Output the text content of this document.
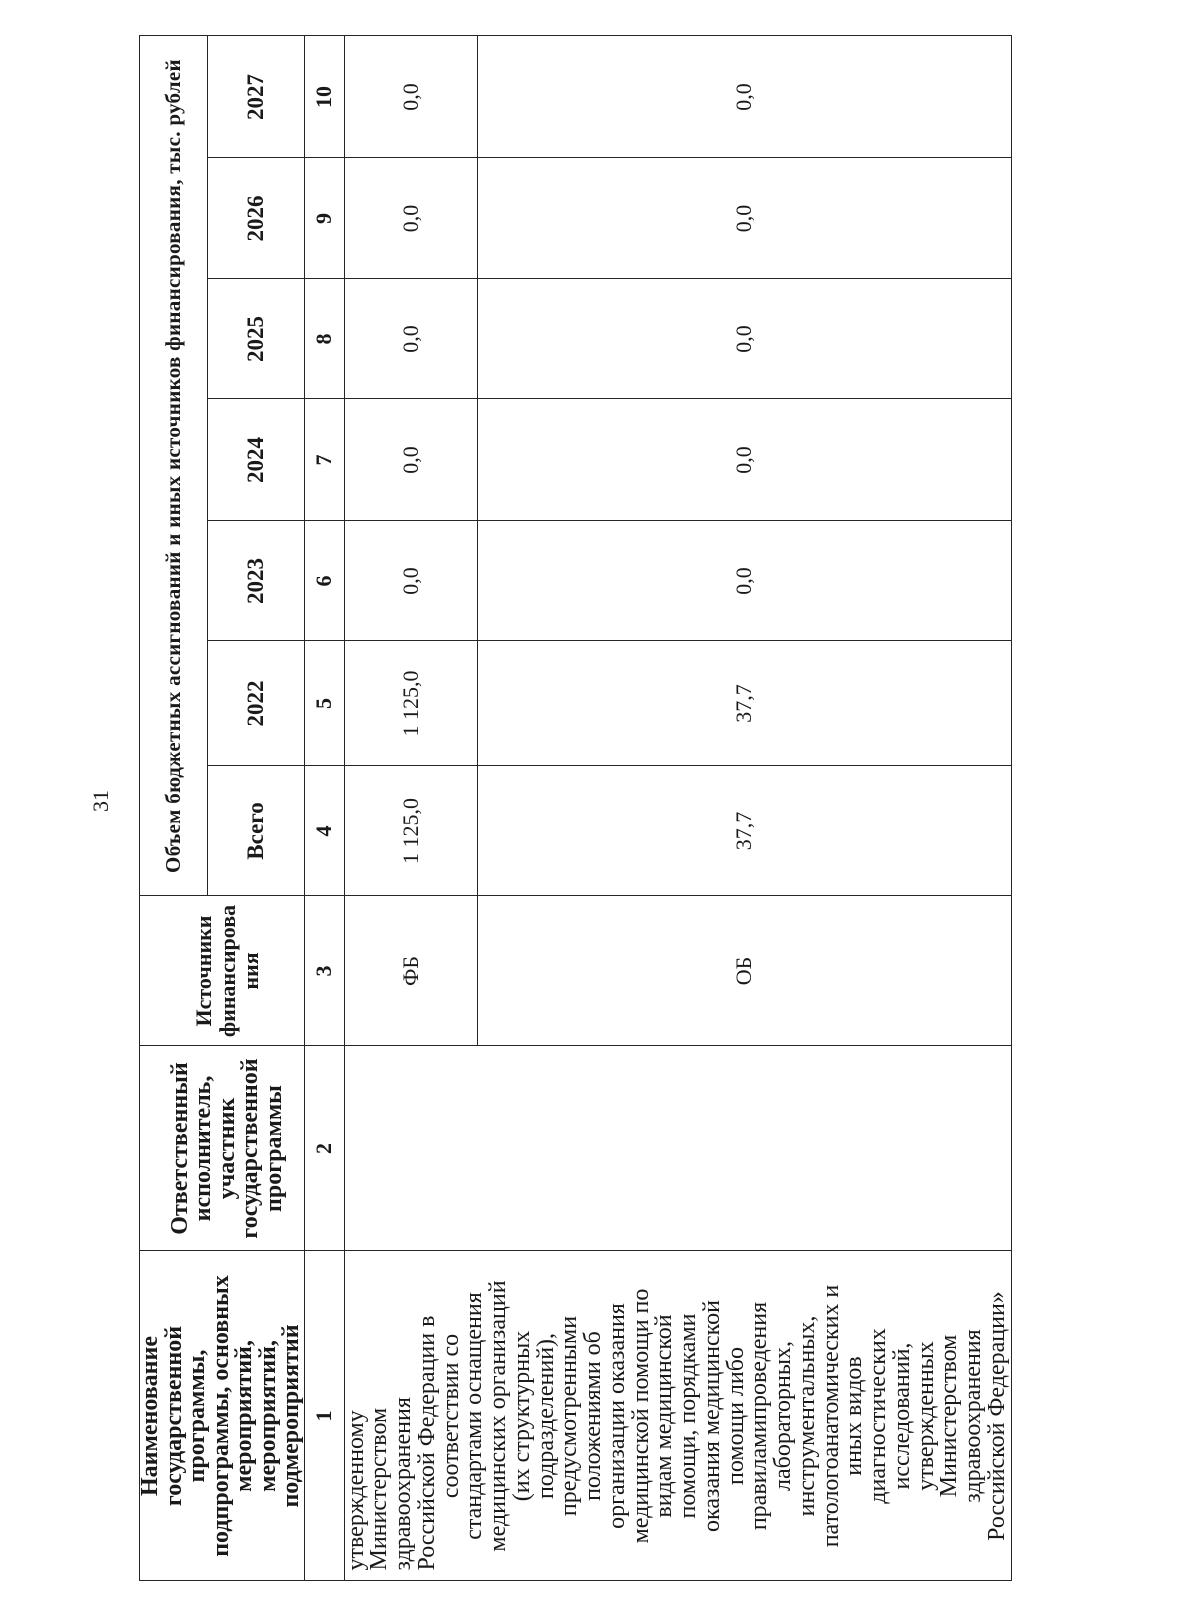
31
Наименование
государственной
программы,
подпрограммы, основных
мероприятий,
мероприятий,
подмероприятий
Ответственный
исполнитель,
участник
государственной
программы
Источники
финансирова
ния
Объем бюджетных ассигнований и иных источников финансирования, тыс. рублей	Всего
2022
2023
2024
2025
2026
2027
1
2
3
4
5
6
7
8
9
10
утвержденному
Министерством
здравоохранения
Российской Федерации в
соответствии со
стандартами оснащения
медицинских организаций
(их структурных
подразделений),
предусмотренными
положениями об
организации оказания
медицинской помощи по
видам медицинской
помощи, порядками
оказания медицинской
помощи либо
правиламипроведения
лабораторных,
инструментальных,
патологоанатомических и
иных видов
диагностических
исследований,
утвержденных
Министерством
здравоохранения
Российской Федерации»
ФБ
1 125,0
1 125,0
0,0
0,0
0,0
0,0
0,0
ОБ
37,7
37,7
0,0
0,0
0,0
0,0
0,0
